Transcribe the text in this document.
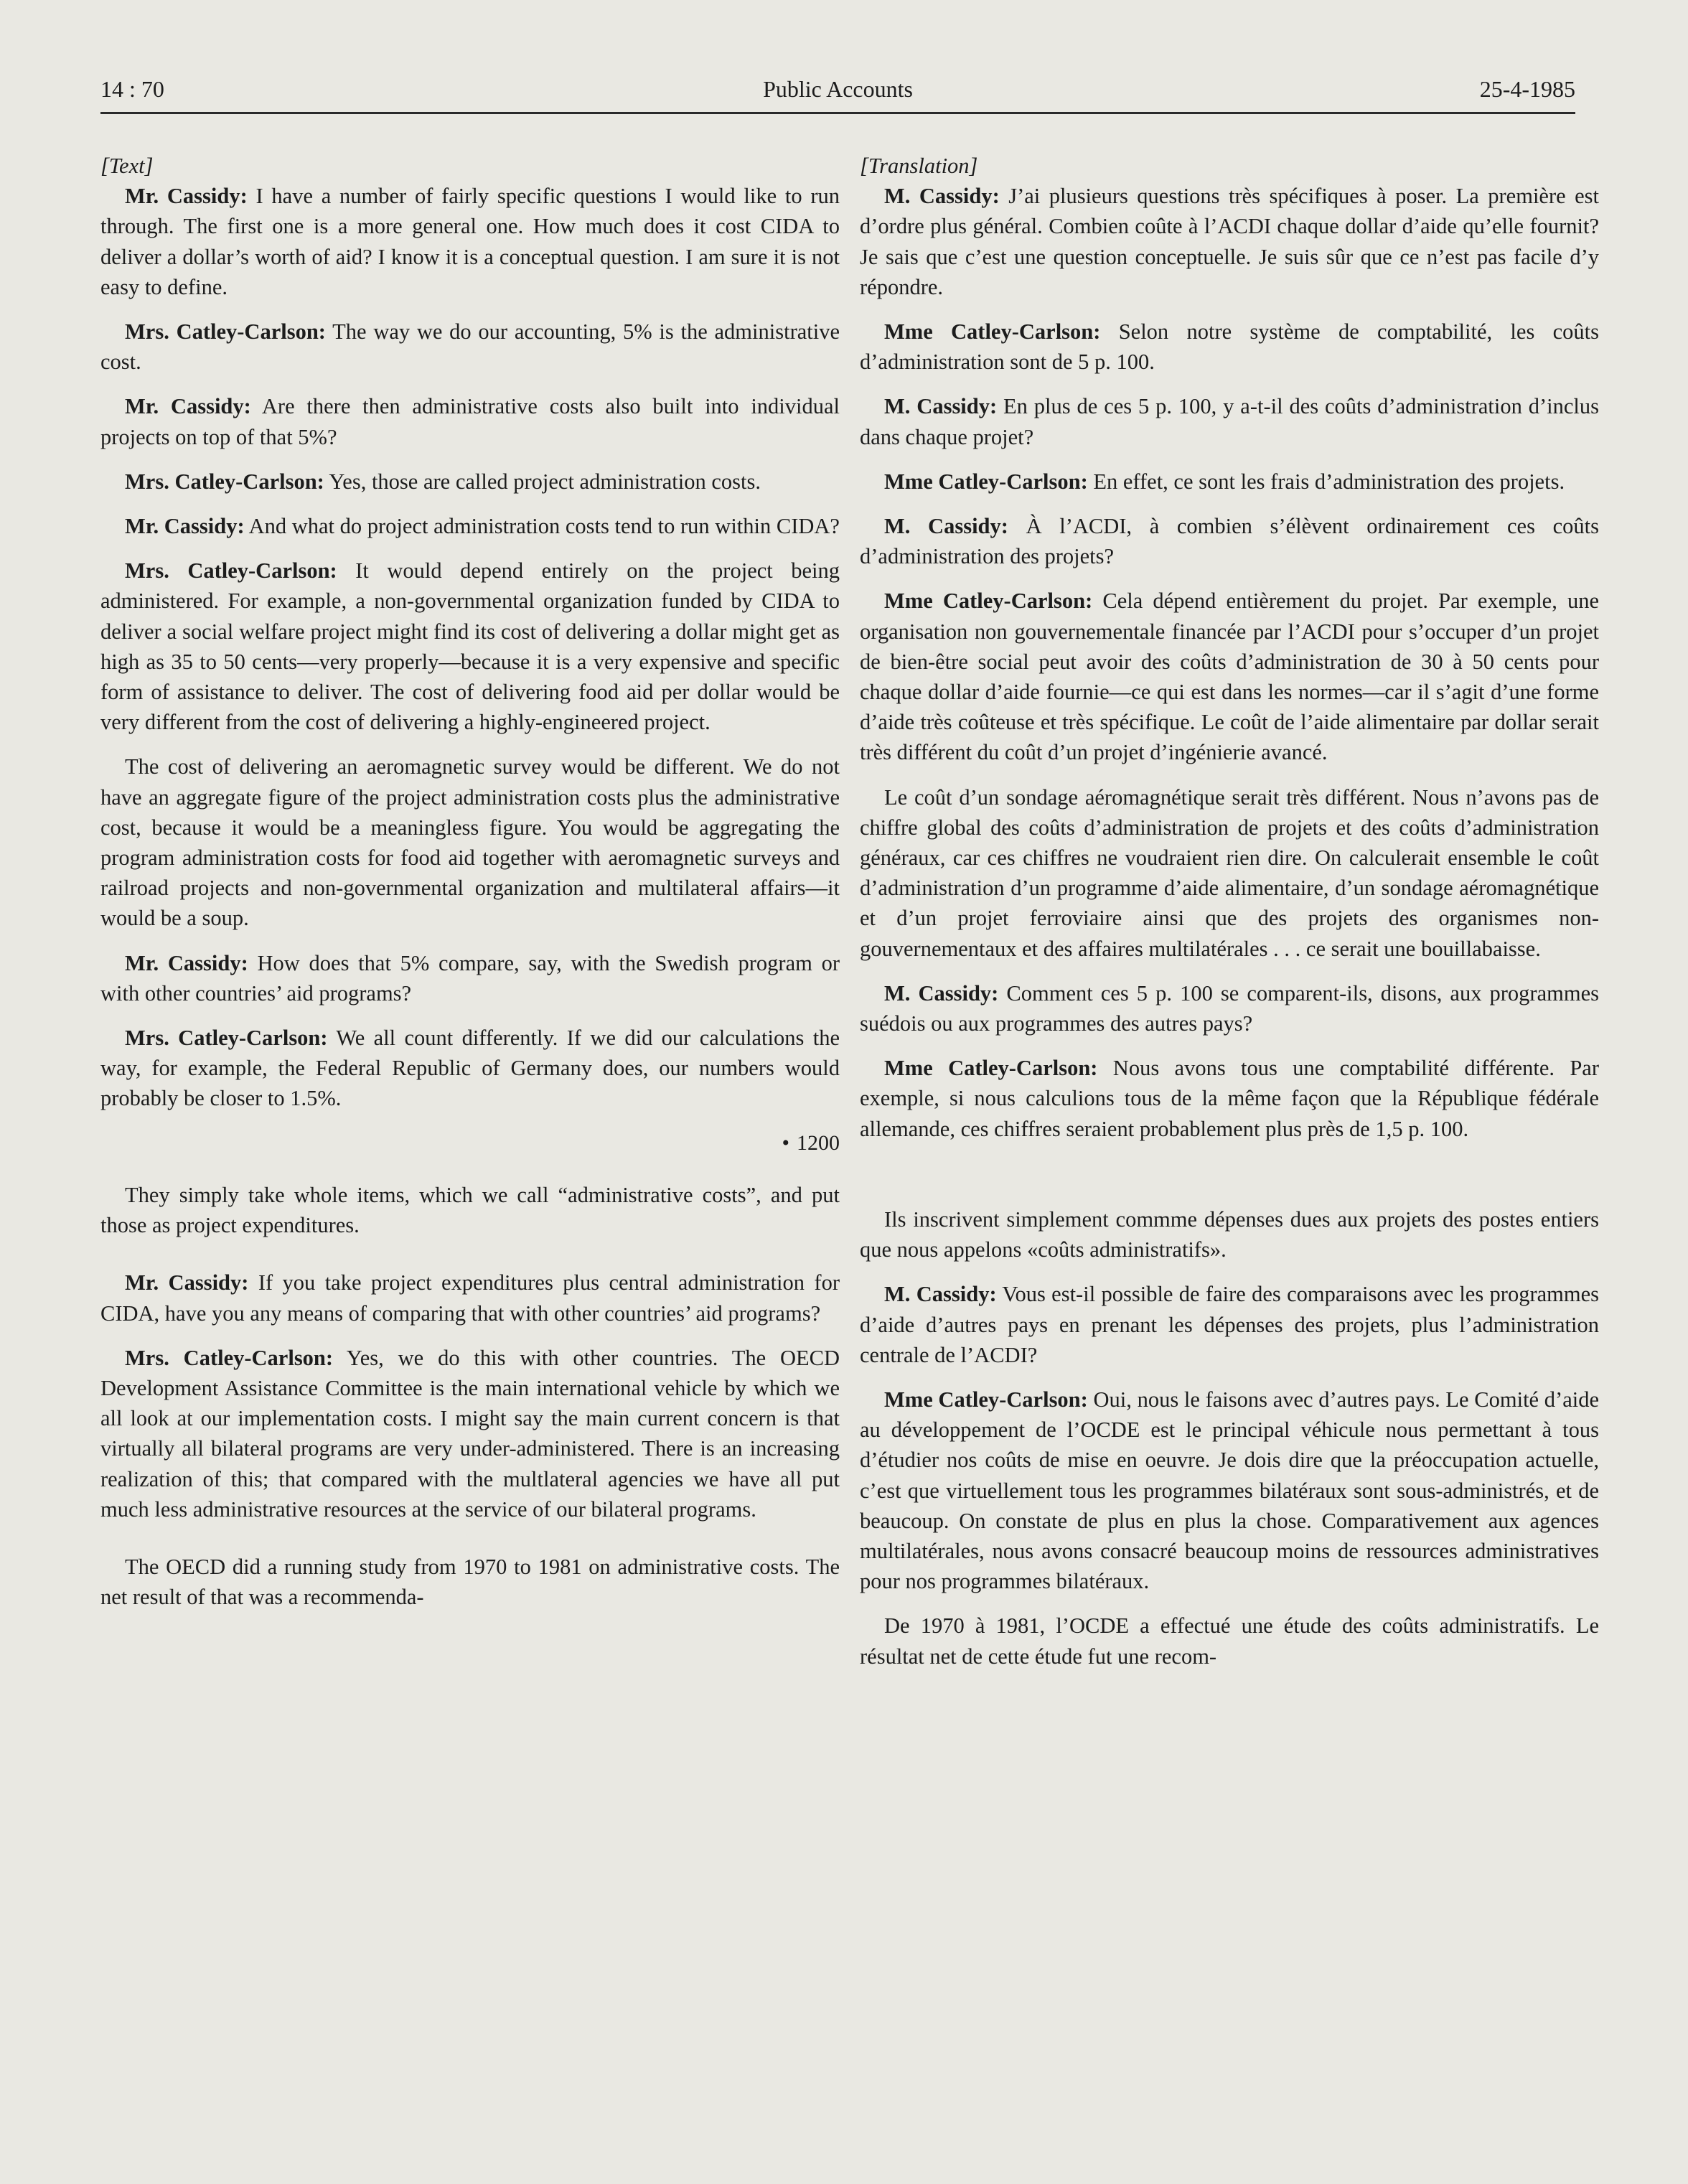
14 : 70	Public Accounts	25-4-1985
[Text]

Mr. Cassidy: I have a number of fairly specific questions I would like to run through. The first one is a more general one. How much does it cost CIDA to deliver a dollar’s worth of aid? I know it is a conceptual question. I am sure it is not easy to define.

Mrs. Catley-Carlson: The way we do our accounting, 5% is the administrative cost.

Mr. Cassidy: Are there then administrative costs also built into individual projects on top of that 5%?

Mrs. Catley-Carlson: Yes, those are called project administration costs.

Mr. Cassidy: And what do project administration costs tend to run within CIDA?

Mrs. Catley-Carlson: It would depend entirely on the project being administered. For example, a non-governmental organization funded by CIDA to deliver a social welfare project might find its cost of delivering a dollar might get as high as 35 to 50 cents—very properly—because it is a very expensive and specific form of assistance to deliver. The cost of delivering food aid per dollar would be very different from the cost of delivering a highly-engineered project.

The cost of delivering an aeromagnetic survey would be different. We do not have an aggregate figure of the project administration costs plus the administrative cost, because it would be a meaningless figure. You would be aggregating the program administration costs for food aid together with aeromagnetic surveys and railroad projects and non-governmental organization and multilateral affairs—it would be a soup.

Mr. Cassidy: How does that 5% compare, say, with the Swedish program or with other countries’ aid programs?

Mrs. Catley-Carlson: We all count differently. If we did our calculations the way, for example, the Federal Republic of Germany does, our numbers would probably be closer to 1.5%.

• 1200

They simply take whole items, which we call “administrative costs”, and put those as project expenditures.

Mr. Cassidy: If you take project expenditures plus central administration for CIDA, have you any means of comparing that with other countries’ aid programs?

Mrs. Catley-Carlson: Yes, we do this with other countries. The OECD Development Assistance Committee is the main international vehicle by which we all look at our implementation costs. I might say the main current concern is that virtually all bilateral programs are very under-administered. There is an increasing realization of this; that compared with the multlateral agencies we have all put much less administrative resources at the service of our bilateral programs.

The OECD did a running study from 1970 to 1981 on administrative costs. The net result of that was a recommenda-

[Translation]

M. Cassidy: J’ai plusieurs questions très spécifiques à poser. La première est d’ordre plus général. Combien coûte à l’ACDI chaque dollar d’aide qu’elle fournit? Je sais que c’est une question conceptuelle. Je suis sûr que ce n’est pas facile d’y répondre.

Mme Catley-Carlson: Selon notre système de comptabilité, les coûts d’administration sont de 5 p. 100.

M. Cassidy: En plus de ces 5 p. 100, y a-t-il des coûts d’administration d’inclus dans chaque projet?

Mme Catley-Carlson: En effet, ce sont les frais d’administration des projets.

M. Cassidy: À l’ACDI, à combien s’élèvent ordinairement ces coûts d’administration des projets?

Mme Catley-Carlson: Cela dépend entièrement du projet. Par exemple, une organisation non gouvernementale financée par l’ACDI pour s’occuper d’un projet de bien-être social peut avoir des coûts d’administration de 30 à 50 cents pour chaque dollar d’aide fournie—ce qui est dans les normes—car il s’agit d’une forme d’aide très coûteuse et très spécifique. Le coût de l’aide alimentaire par dollar serait très différent du coût d’un projet d’ingénierie avancé.

Le coût d’un sondage aéromagnétique serait très différent. Nous n’avons pas de chiffre global des coûts d’administration de projets et des coûts d’administration généraux, car ces chiffres ne voudraient rien dire. On calculerait ensemble le coût d’administration d’un programme d’aide alimentaire, d’un sondage aéromagnétique et d’un projet ferroviaire ainsi que des projets des organismes non-gouvernementaux et des affaires multilatérales . . . ce serait une bouillabaisse.

M. Cassidy: Comment ces 5 p. 100 se comparent-ils, disons, aux programmes suédois ou aux programmes des autres pays?

Mme Catley-Carlson: Nous avons tous une comptabilité différente. Par exemple, si nous calculions tous de la même façon que la République fédérale allemande, ces chiffres seraient probablement plus près de 1,5 p. 100.

Ils inscrivent simplement commme dépenses dues aux projets des postes entiers que nous appelons «coûts administratifs».

M. Cassidy: Vous est-il possible de faire des comparaisons avec les programmes d’aide d’autres pays en prenant les dépenses des projets, plus l’administration centrale de l’ACDI?

Mme Catley-Carlson: Oui, nous le faisons avec d’autres pays. Le Comité d’aide au développement de l’OCDE est le principal véhicule nous permettant à tous d’étudier nos coûts de mise en oeuvre. Je dois dire que la préoccupation actuelle, c’est que virtuellement tous les programmes bilatéraux sont sous-administrés, et de beaucoup. On constate de plus en plus la chose. Comparativement aux agences multilatérales, nous avons consacré beaucoup moins de ressources administratives pour nos programmes bilatéraux.

De 1970 à 1981, l’OCDE a effectué une étude des coûts administratifs. Le résultat net de cette étude fut une recom-
